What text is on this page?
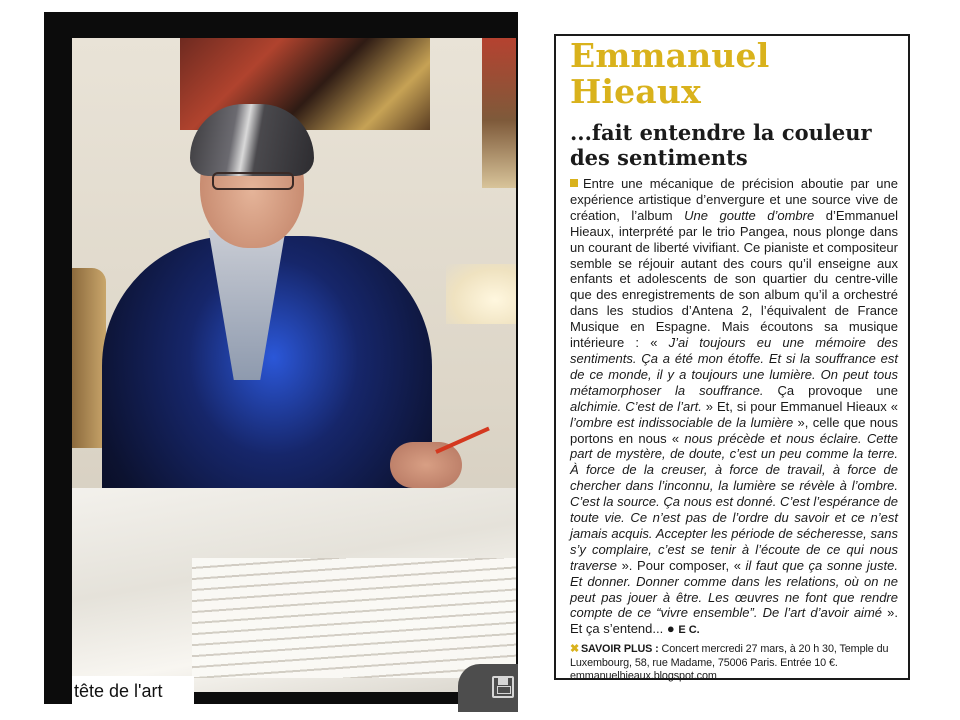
tête de l'art
Emmanuel
Hieaux
...fait entendre la couleur des sentiments

Entre une mécanique de précision aboutie par une expérience artistique d’envergure et une source vive de création, l’album Une goutte d’ombre d’Emmanuel Hieaux, interprété par le trio Pangea, nous plonge dans un courant de liberté vivifiant. Ce pianiste et compositeur semble se réjouir autant des cours qu’il enseigne aux enfants et adolescents de son quartier du centre-ville que des enregistrements de son album qu’il a orchestré dans les studios d’Antena 2, l’équivalent de France Musique en Espagne. Mais écoutons sa musique intérieure : « J’ai toujours eu une mémoire des sentiments. Ça a été mon étoffe. Et si la souffrance est de ce monde, il y a toujours une lumière. On peut tous métamorphoser la souffrance. Ça provoque une alchimie. C’est de l’art. » Et, si pour Emmanuel Hieaux « l’ombre est indissociable de la lumière », celle que nous portons en nous « nous précède et nous éclaire. Cette part de mystère, de doute, c’est un peu comme la terre. À force de la creuser, à force de travail, à force de chercher dans l’inconnu, la lumière se révèle à l’ombre. C’est la source. Ça nous est donné. C’est l’espérance de toute vie. Ce n’est pas de l’ordre du savoir et ce n’est jamais acquis. Accepter les période de sécheresse, sans s’y complaire, c’est se tenir à l’écoute de ce qui nous traverse ». Pour composer, « il faut que ça sonne juste. Et donner. Donner comme dans les relations, où on ne peut pas jouer à être. Les œuvres ne font que rendre compte de ce “vivre ensemble”. De l’art d’avoir aimé ». Et ça s’entend... ● E C.

✖ SAVOIR PLUS : Concert mercredi 27 mars, à 20 h 30, Temple du Luxembourg, 58, rue Madame, 75006 Paris. Entrée 10 €. emmanuelhieaux.blogspot.com
